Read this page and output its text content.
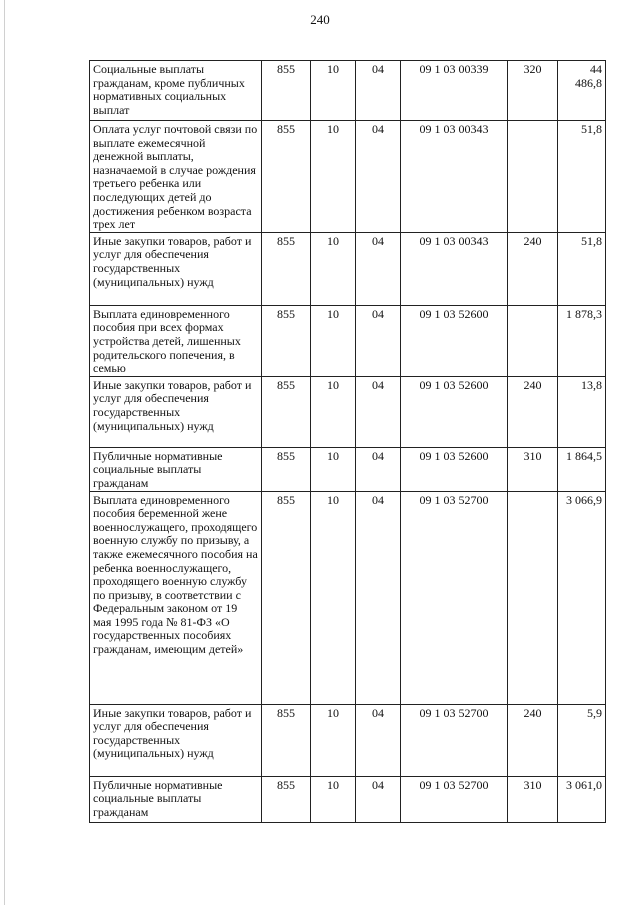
240
Социальные выплаты гражданам, кроме публичных нормативных социальных выплат	855	10	04	09 1 03 00339	320	44 486,8
Оплата услуг почтовой связи по выплате ежемесячной денежной выплаты, назначаемой в случае рождения третьего ребенка или последующих детей до достижения ребенком возраста трех лет	855	10	04	09 1 03 00343		51,8
Иные закупки товаров, работ и услуг для обеспечения государственных (муниципальных) нужд	855	10	04	09 1 03 00343	240	51,8
Выплата единовременного пособия при всех формах устройства детей, лишенных родительского попечения, в семью	855	10	04	09 1 03 52600		1 878,3
Иные закупки товаров, работ и услуг для обеспечения государственных (муниципальных) нужд	855	10	04	09 1 03 52600	240	13,8
Публичные нормативные социальные выплаты гражданам	855	10	04	09 1 03 52600	310	1 864,5
Выплата единовременного пособия беременной жене военнослужащего, проходящего военную службу по призыву, а также ежемесячного пособия на ребенка военнослужащего, проходящего военную службу по призыву, в соответствии с Федеральным законом от 19 мая 1995 года № 81-ФЗ «О государственных пособиях гражданам, имеющим детей»	855	10	04	09 1 03 52700		3 066,9
Иные закупки товаров, работ и услуг для обеспечения государственных (муниципальных) нужд	855	10	04	09 1 03 52700	240	5,9
Публичные нормативные социальные выплаты гражданам	855	10	04	09 1 03 52700	310	3 061,0
